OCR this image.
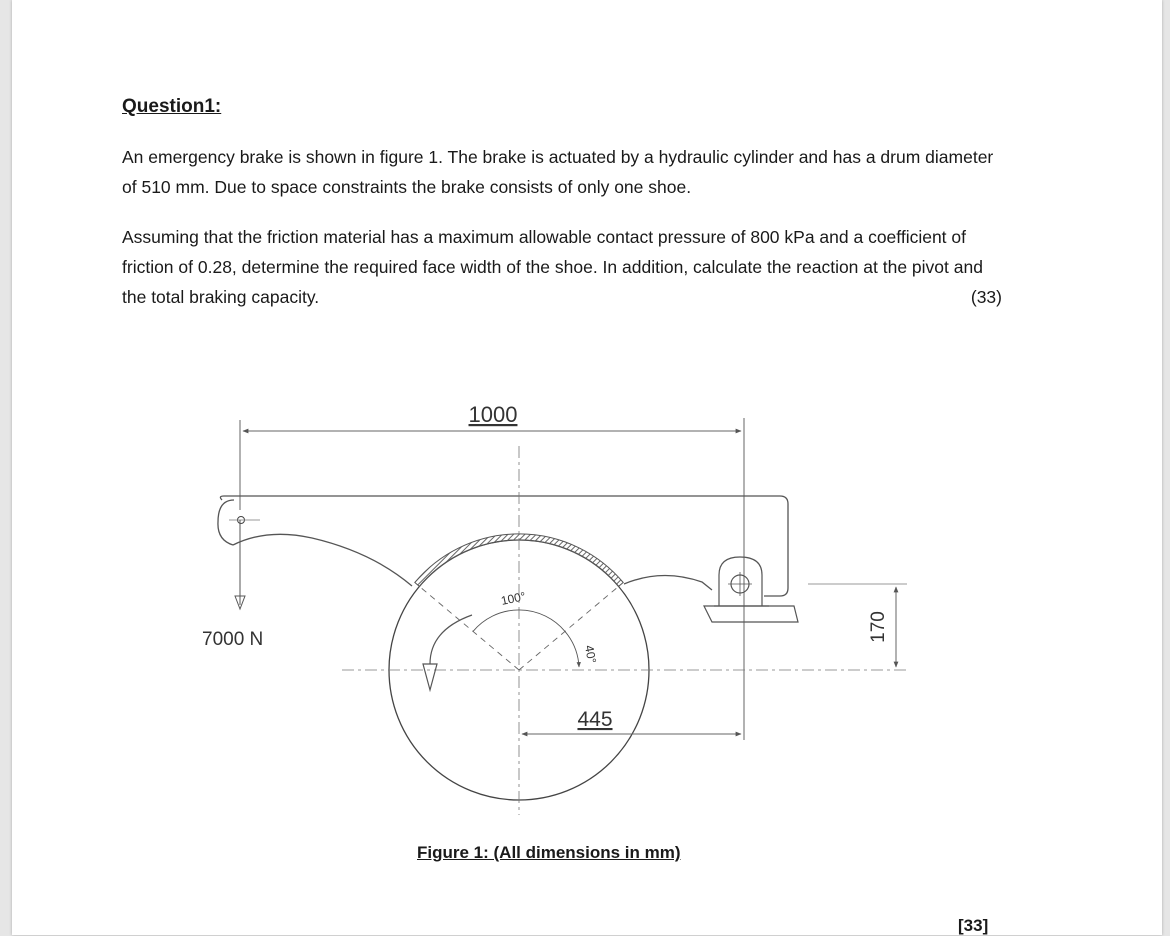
Question1:

An emergency brake is shown in figure 1. The brake is actuated by a hydraulic cylinder and has a drum diameter of 510 mm. Due to space constraints the brake consists of only one shoe.

Assuming that the friction material has a maximum allowable contact pressure of 800 kPa and a coefficient of friction of 0.28, determine the required face width of the shoe. In addition, calculate the reaction at the pivot and the total braking capacity.	(33)

1000
7000 N
100°
40°
445
170
Figure 1: (All dimensions in mm)
[33]
